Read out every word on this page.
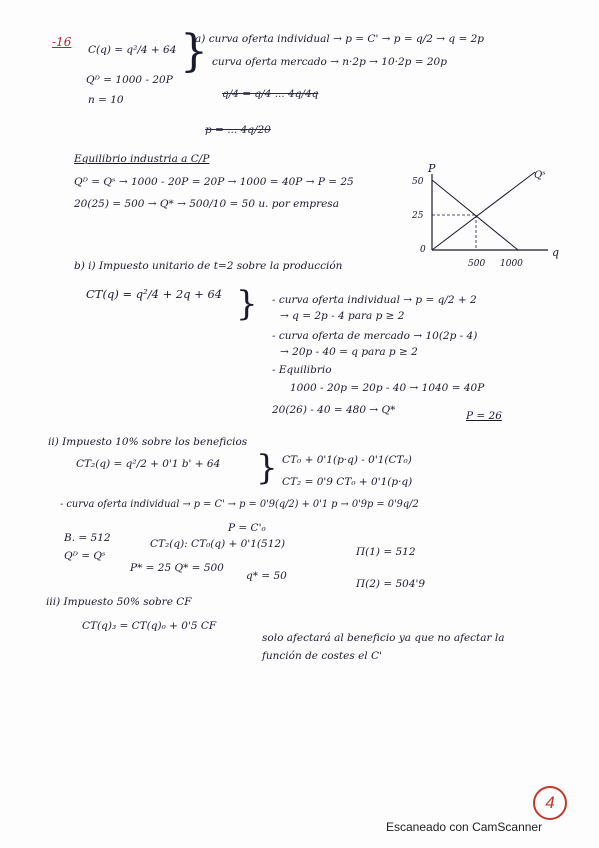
-16
C(q) = q²/4 + 64
Qᴰ = 1000 - 20P
n = 10
}
a) curva oferta individual → p = C' → p = q/2 → q = 2p
curva oferta mercado → n·2p → 10·2p = 20p
q/4 = q/4 ... 4q/4q
p = ... 4q/20
Equilibrio industria a C/P
Qᴰ = Qˢ → 1000 - 20P = 20P → 1000 = 40P → P = 25
20(25) = 500 → Q* → 500/10 = 50 u. por empresa
P
Qˢ
50
25
0	q
500 1000
b) i) Impuesto unitario de t=2 sobre la producción
CT(q) = q²/4 + 2q + 64 } - curva oferta individual → p = q/2 + 2
→ q = 2p - 4 para p ≥ 2
- curva oferta de mercado → 10(2p - 4)
→ 20p - 40 = q para p ≥ 2
- Equilibrio
1000 - 20p = 20p - 40 → 1040 = 40P
20(26) - 40 = 480 → Q*	P = 26
ii) Impuesto 10% sobre los beneficios
CT₂(q) = q²/2 + 0'1 b' + 64 } CT₀ + 0'1(p·q) - 0'1(CT₀)
CT₂ = 0'9 CT₀ + 0'1(p·q)
- curva oferta individual → p = C' → p = 0'9(q/2) + 0'1 p → 0'9p = 0'9q/2
P = C'₀
B. = 512	CT₂(q): CT₀(q) + 0'1(512)
Π(1) = 512
Qᴰ = Qˢ
P* = 25 Q* = 500
q* = 50
Π(2) = 504'9
iii) Impuesto 50% sobre CF
CT(q)₃ = CT(q)₀ + 0'5 CF
solo afectará al beneficio ya que no afectar la
función de costes el C'
4
Escaneado con CamScanner
